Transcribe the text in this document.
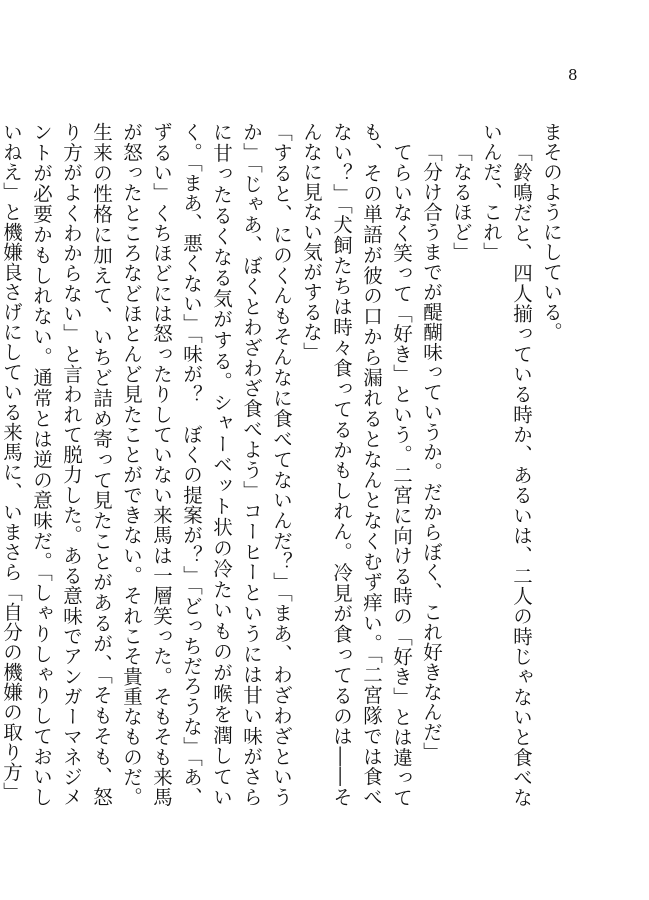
8

まそのようにしている。

「鈴鳴だと、四人揃っている時か、あるいは、二人の時じゃないと食べないんだ、これ」

「なるほど」

「分け合うまでが醍醐味っていうか。だからぼく、これ好きなんだ」

てらいなく笑って「好き」という。二宮に向ける時の「好き」とは違っても、その単語が彼の口から漏れるとなんとなくむず痒い。「二宮隊では食べない？」「犬飼たちは時々食ってるかもしれん。冷見が食ってるのは――そんなに見ない気がするな」

「すると、にのくんもそんなに食べてないんだ？」「まあ、わざわざというか」「じゃあ、ぼくとわざわざ食べよう」コーヒーというには甘い味がさらに甘ったるくなる気がする。シャーベット状の冷たいものが喉を潤していく。「まあ、悪くない」「味が？　ぼくの提案が？」「どっちだろうな」「あ、ずるい」くちほどには怒ったりしていない来馬は一層笑った。そもそも来馬が怒ったところなどほとんど見たことができない。それこそ貴重なものだ。生来の性格に加えて、いちど詰め寄って見たことがあるが、「そもそも、怒り方がよくわからない」と言われて脱力した。ある意味でアンガーマネジメントが必要かもしれない。通常とは逆の意味だ。「しゃりしゃりしておいしいねえ」と機嫌良さげにしている来馬に、いまさら「自分の機嫌の取り方」
